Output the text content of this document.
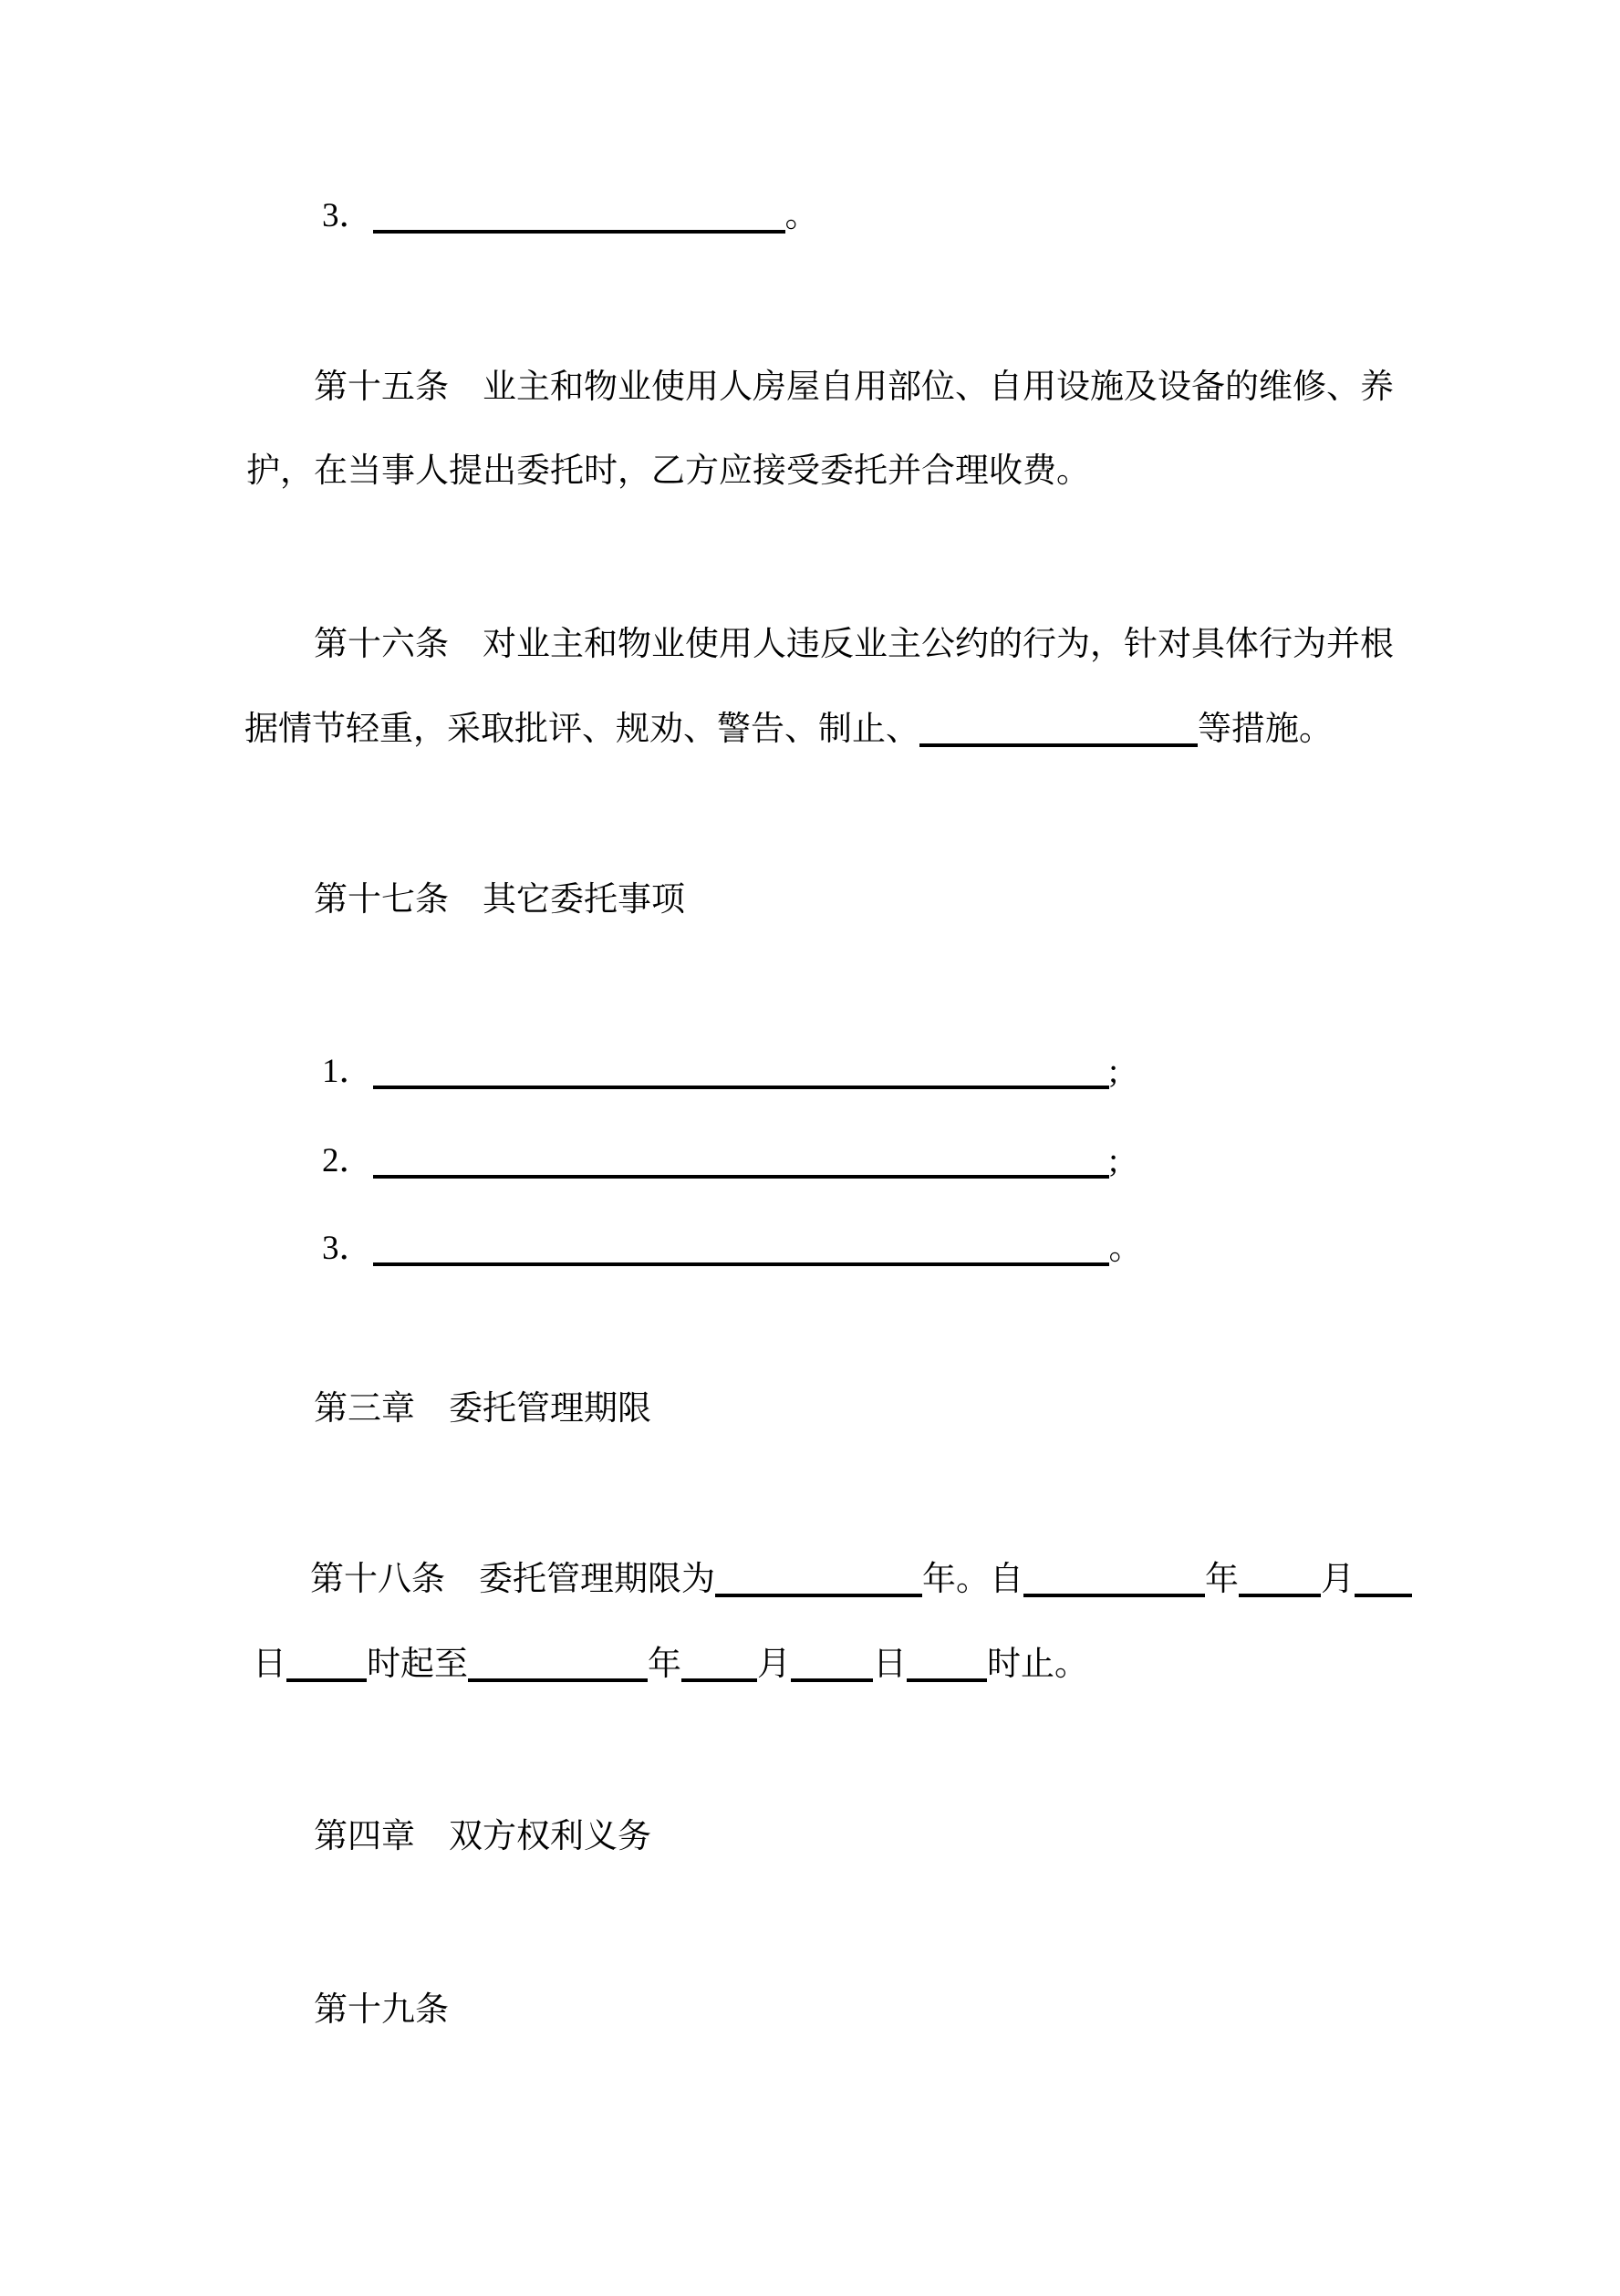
3．	。
第十五条　业主和物业使用人房屋自用部位、自用设施及设备的维修、养
护，在当事人提出委托时，乙方应接受委托并合理收费。
第十六条　对业主和物业使用人违反业主公约的行为，针对具体行为并根
据情节轻重，采取批评、规劝、警告、制止、	等措施。
第十七条　其它委托事项
1．	;
2．	;
3．	。
第三章　委托管理期限
第十八条　委托管理期限为	年。自	年 月
日 时起至	年 月 日 时止。
第四章　双方权利义务
第十九条
